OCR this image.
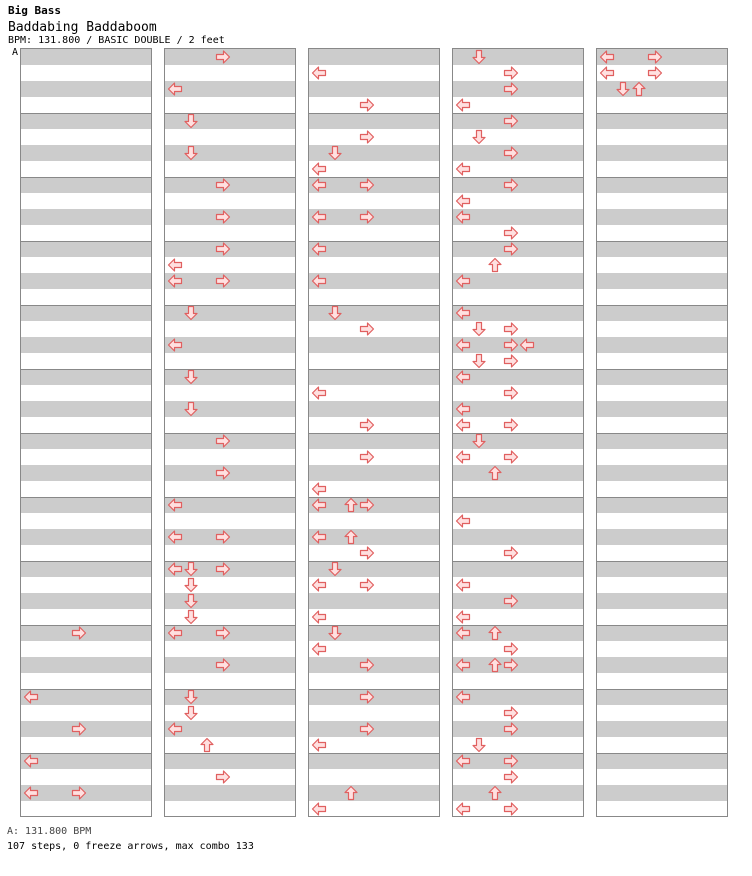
Big Bass
Baddabing Baddaboom
BPM: 131.800 / BASIC DOUBLE / 2 feet
A
A: 131.800 BPM
107 steps, 0 freeze arrows, max combo 133
